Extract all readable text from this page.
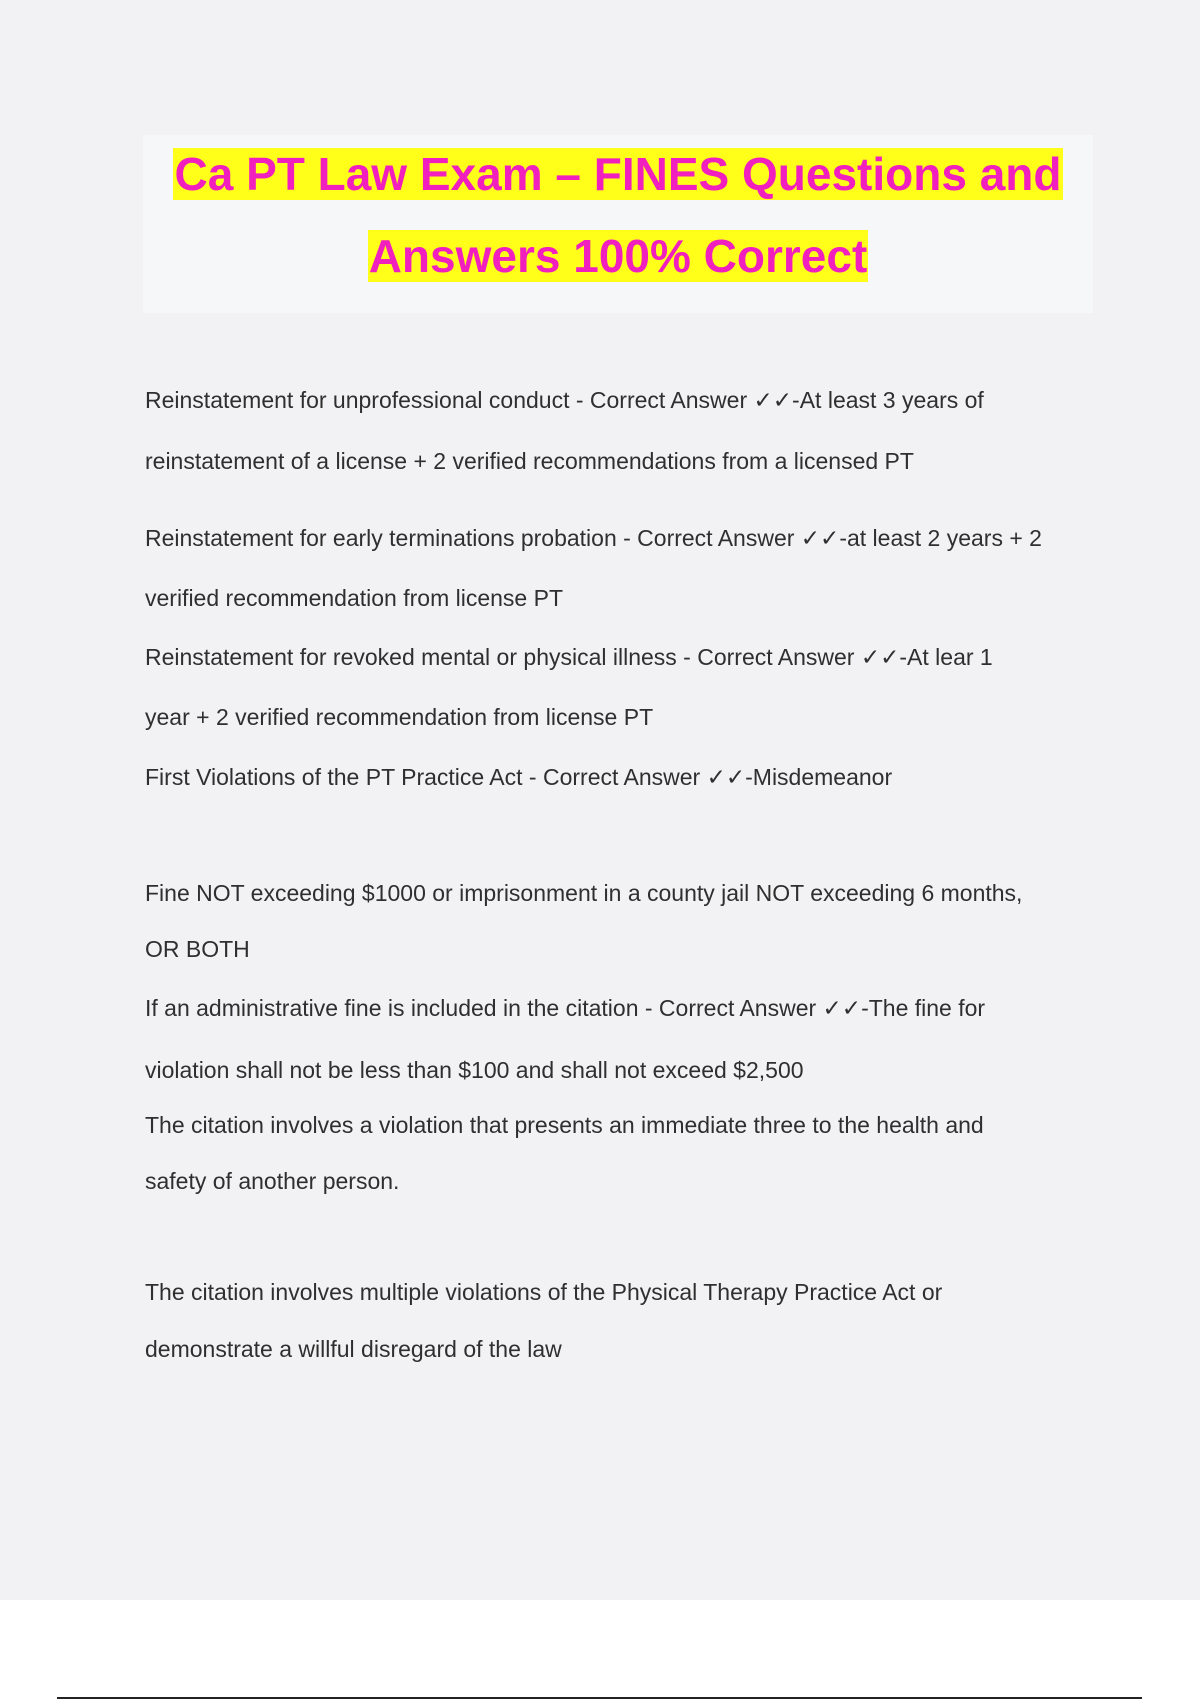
Ca PT Law Exam – FINES Questions and
Answers 100% Correct
Reinstatement for unprofessional conduct - Correct Answer ✓✓-At least 3 years of
reinstatement of a license + 2 verified recommendations from a licensed PT
Reinstatement for early terminations probation - Correct Answer ✓✓-at least 2 years + 2
verified recommendation from license PT
Reinstatement for revoked mental or physical illness - Correct Answer ✓✓-At lear 1
year + 2 verified recommendation from license PT
First Violations of the PT Practice Act - Correct Answer ✓✓-Misdemeanor
Fine NOT exceeding $1000 or imprisonment in a county jail NOT exceeding 6 months,
OR BOTH
If an administrative fine is included in the citation - Correct Answer ✓✓-The fine for
violation shall not be less than $100 and shall not exceed $2,500
The citation involves a violation that presents an immediate three to the health and
safety of another person.
The citation involves multiple violations of the Physical Therapy Practice Act or
demonstrate a willful disregard of the law
